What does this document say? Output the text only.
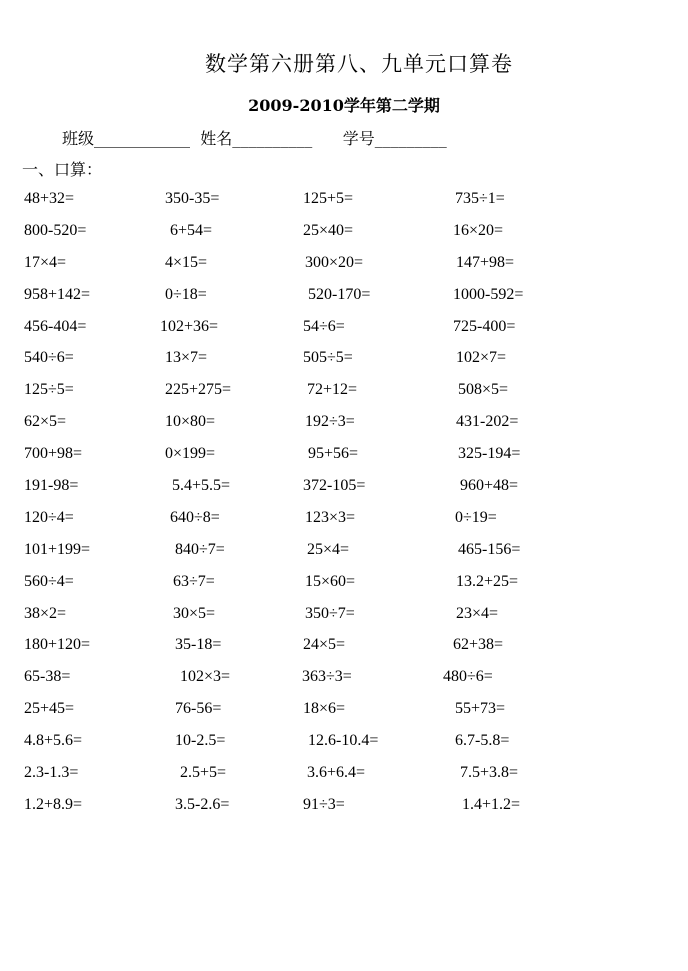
数学第六册第八、九单元口算卷
2009-2010学年第二学期
班级____________ 姓名__________ 学号_________
一、口算：
48+32=	350-35=	125+5=	735÷1=
800-520=	6+54=	25×40=	16×20=
17×4=	4×15=	300×20=	147+98=
958+142=	0÷18=	520-170=	1000-592=
456-404=	102+36=	54÷6=	725-400=
540÷6=	13×7=	505÷5=	102×7=
125÷5=	225+275=	72+12=	508×5=
62×5=	10×80=	192÷3=	431-202=
700+98=	0×199=	95+56=	325-194=
191-98=	5.4+5.5=	372-105=	960+48=
120÷4=	640÷8=	123×3=	0÷19=
101+199=	840÷7=	25×4=	465-156=
560÷4=	63÷7=	15×60=	13.2+25=
38×2=	30×5=	350÷7=	23×4=
180+120=	35-18=	24×5=	62+38=
65-38=	102×3=	363÷3=	480÷6=
25+45=	76-56=	18×6=	55+73=
4.8+5.6=	10-2.5=	12.6-10.4=	6.7-5.8=
2.3-1.3=	2.5+5=	3.6+6.4=	7.5+3.8=
1.2+8.9=	3.5-2.6=	91÷3=	1.4+1.2=
